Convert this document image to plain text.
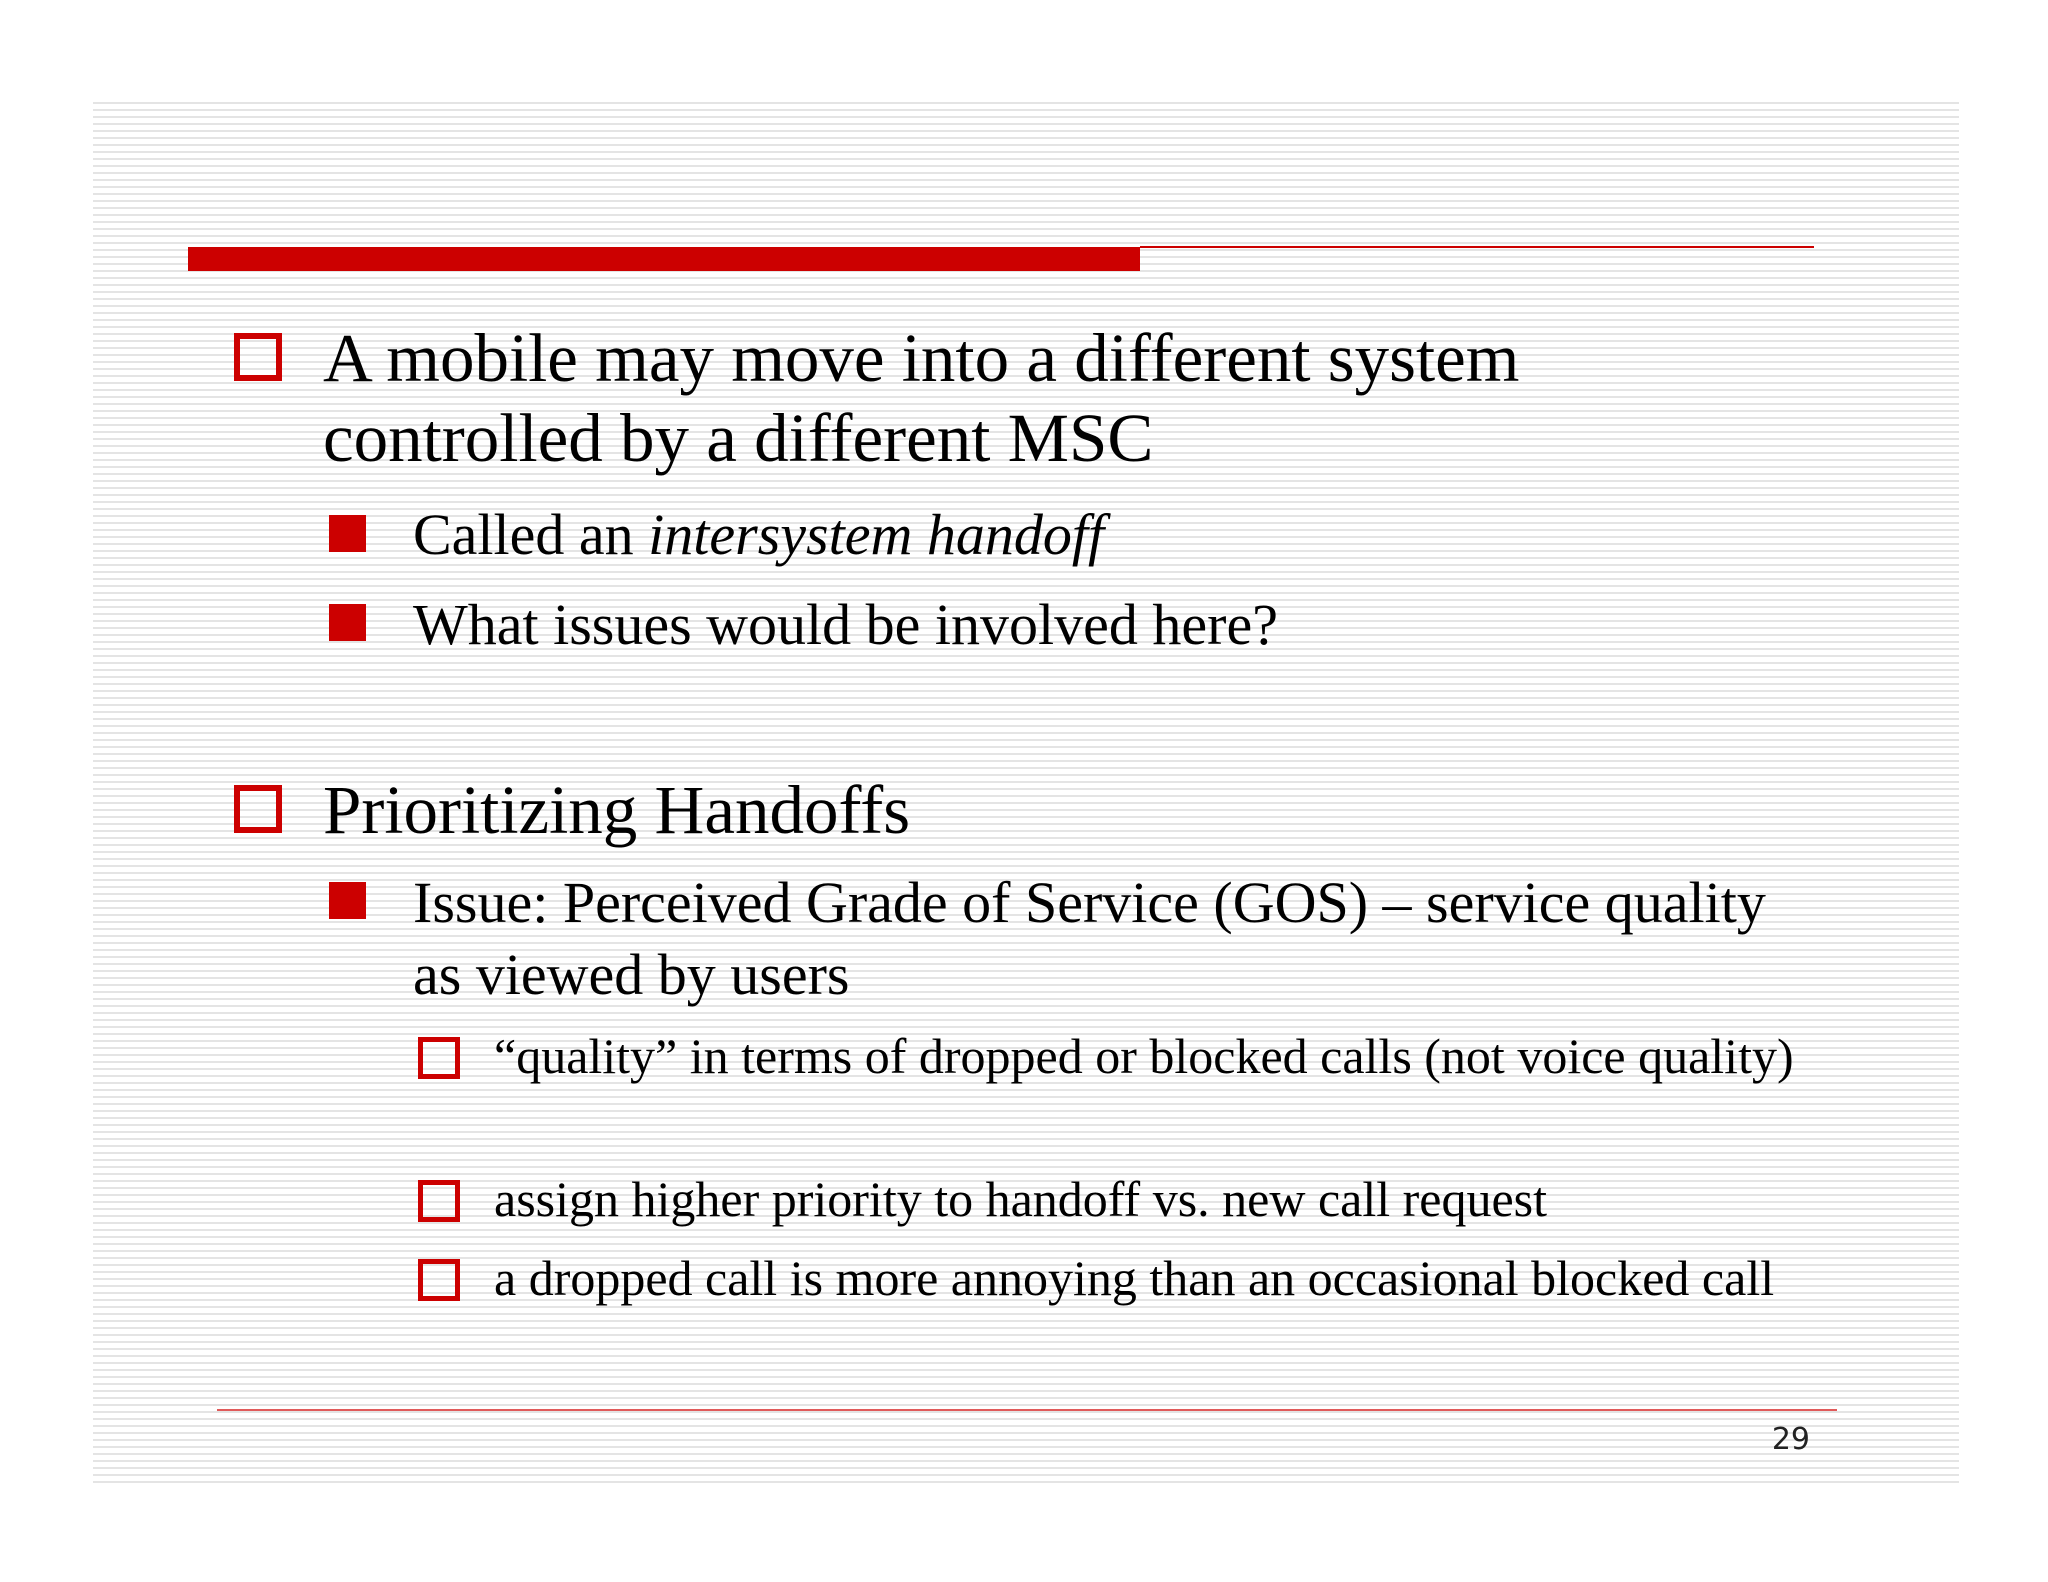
A mobile may move into a different system controlled by a different MSC

Called an intersystem handoff

What issues would be involved here?

Prioritizing Handoffs

Issue: Perceived Grade of Service (GOS) – service quality as viewed by users

“quality” in terms of dropped or blocked calls (not voice quality)

assign higher priority to handoff vs. new call request

a dropped call is more annoying than an occasional blocked call

29
